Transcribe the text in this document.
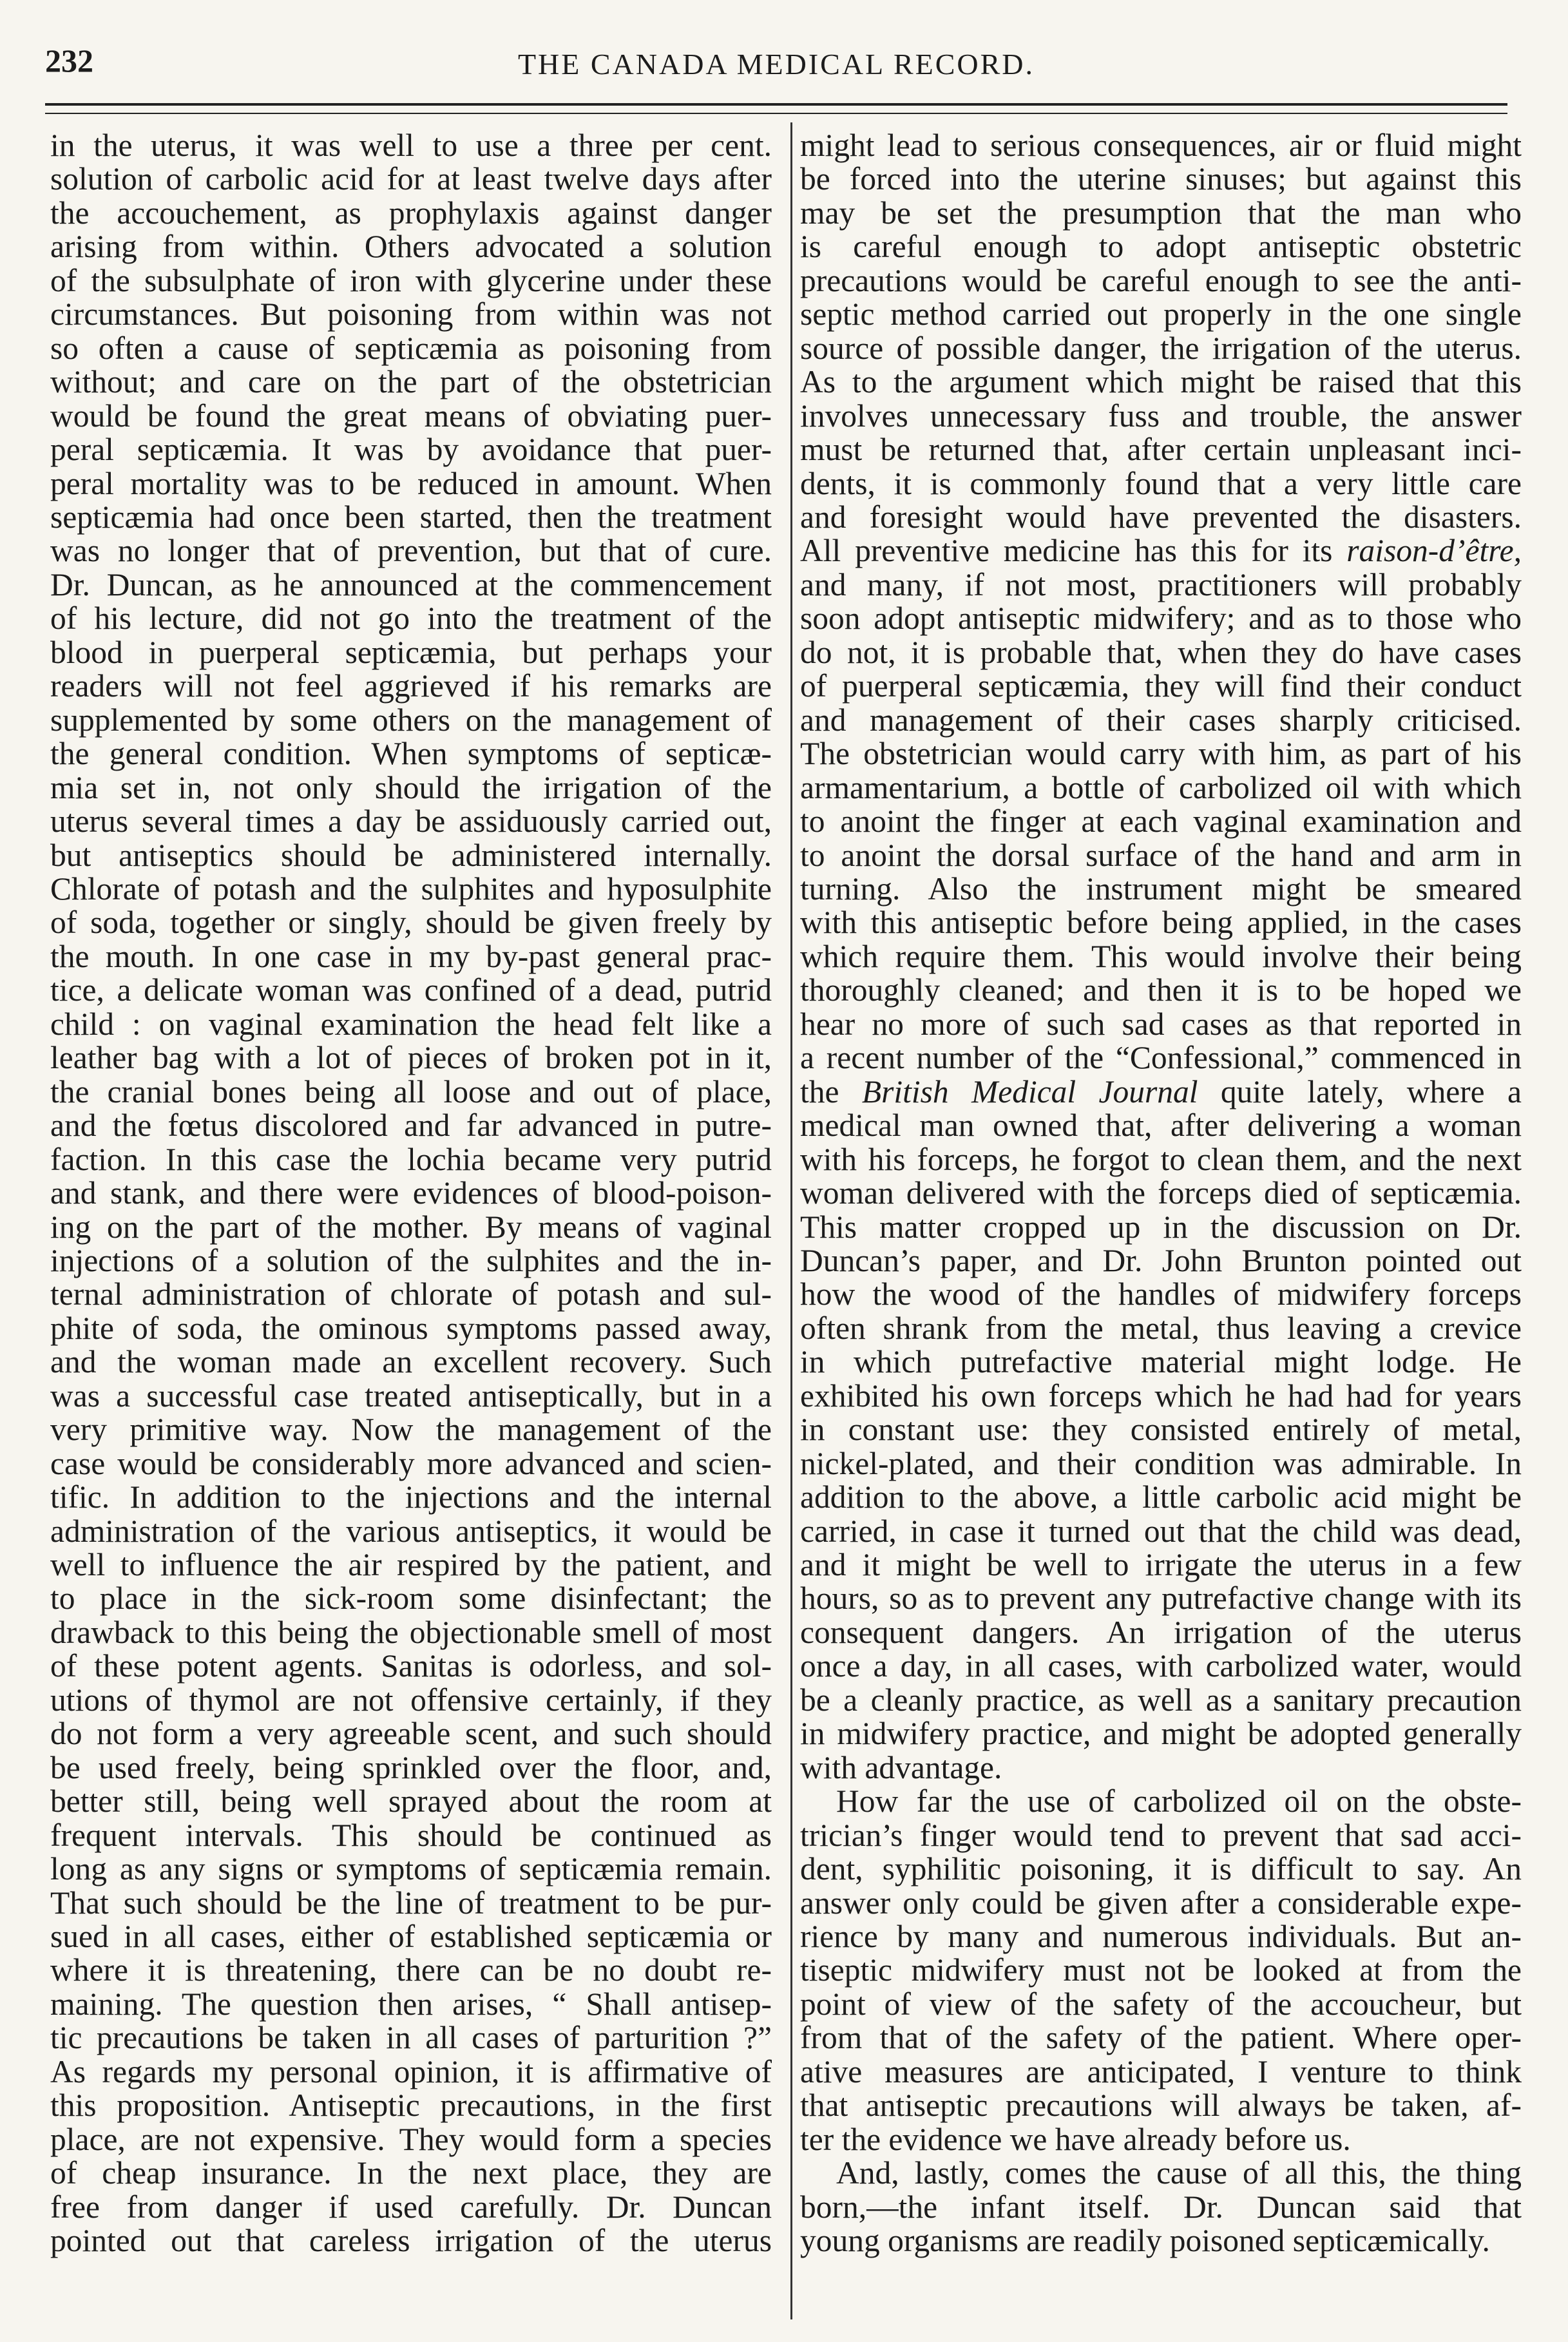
232	THE CANADA MEDICAL RECORD.
in the uterus, it was well to use a three per cent.
solution of carbolic acid for at least twelve days after
the accouchement, as prophylaxis against danger
arising from within. Others advocated a solution
of the subsulphate of iron with glycerine under these
circumstances. But poisoning from within was not
so often a cause of septicæmia as poisoning from
without; and care on the part of the obstetrician
would be found the great means of obviating puer-
peral septicæmia. It was by avoidance that puer-
peral mortality was to be reduced in amount. When
septicæmia had once been started, then the treatment
was no longer that of prevention, but that of cure.
Dr. Duncan, as he announced at the commencement
of his lecture, did not go into the treatment of the
blood in puerperal septicæmia, but perhaps your
readers will not feel aggrieved if his remarks are
supplemented by some others on the management of
the general condition. When symptoms of septicæ-
mia set in, not only should the irrigation of the
uterus several times a day be assiduously carried out,
but antiseptics should be administered internally.
Chlorate of potash and the sulphites and hyposulphite
of soda, together or singly, should be given freely by
the mouth. In one case in my by-past general prac-
tice, a delicate woman was confined of a dead, putrid
child : on vaginal examination the head felt like a
leather bag with a lot of pieces of broken pot in it,
the cranial bones being all loose and out of place,
and the fœtus discolored and far advanced in putre-
faction. In this case the lochia became very putrid
and stank, and there were evidences of blood-poison-
ing on the part of the mother. By means of vaginal
injections of a solution of the sulphites and the in-
ternal administration of chlorate of potash and sul-
phite of soda, the ominous symptoms passed away,
and the woman made an excellent recovery. Such
was a successful case treated antiseptically, but in a
very primitive way. Now the management of the
case would be considerably more advanced and scien-
tific. In addition to the injections and the internal
administration of the various antiseptics, it would be
well to influence the air respired by the patient, and
to place in the sick-room some disinfectant; the
drawback to this being the objectionable smell of most
of these potent agents. Sanitas is odorless, and sol-
utions of thymol are not offensive certainly, if they
do not form a very agreeable scent, and such should
be used freely, being sprinkled over the floor, and,
better still, being well sprayed about the room at
frequent intervals. This should be continued as
long as any signs or symptoms of septicæmia remain.
That such should be the line of treatment to be pur-
sued in all cases, either of established septicæmia or
where it is threatening, there can be no doubt re-
maining. The question then arises, “ Shall antisep-
tic precautions be taken in all cases of parturition ?”
As regards my personal opinion, it is affirmative of
this proposition. Antiseptic precautions, in the first
place, are not expensive. They would form a species
of cheap insurance. In the next place, they are
free from danger if used carefully. Dr. Duncan
pointed out that careless irrigation of the uterus
might lead to serious consequences, air or fluid might
be forced into the uterine sinuses; but against this
may be set the presumption that the man who
is careful enough to adopt antiseptic obstetric
precautions would be careful enough to see the anti-
septic method carried out properly in the one single
source of possible danger, the irrigation of the uterus.
As to the argument which might be raised that this
involves unnecessary fuss and trouble, the answer
must be returned that, after certain unpleasant inci-
dents, it is commonly found that a very little care
and foresight would have prevented the disasters.
All preventive medicine has this for its raison-d’être,
and many, if not most, practitioners will probably
soon adopt antiseptic midwifery; and as to those who
do not, it is probable that, when they do have cases
of puerperal septicæmia, they will find their conduct
and management of their cases sharply criticised.
The obstetrician would carry with him, as part of his
armamentarium, a bottle of carbolized oil with which
to anoint the finger at each vaginal examination and
to anoint the dorsal surface of the hand and arm in
turning. Also the instrument might be smeared
with this antiseptic before being applied, in the cases
which require them. This would involve their being
thoroughly cleaned; and then it is to be hoped we
hear no more of such sad cases as that reported in
a recent number of the “Confessional,” commenced in
the British Medical Journal quite lately, where a
medical man owned that, after delivering a woman
with his forceps, he forgot to clean them, and the next
woman delivered with the forceps died of septicæmia.
This matter cropped up in the discussion on Dr.
Duncan’s paper, and Dr. John Brunton pointed out
how the wood of the handles of midwifery forceps
often shrank from the metal, thus leaving a crevice
in which putrefactive material might lodge. He
exhibited his own forceps which he had had for years
in constant use: they consisted entirely of metal,
nickel-plated, and their condition was admirable. In
addition to the above, a little carbolic acid might be
carried, in case it turned out that the child was dead,
and it might be well to irrigate the uterus in a few
hours, so as to prevent any putrefactive change with its
consequent dangers. An irrigation of the uterus
once a day, in all cases, with carbolized water, would
be a cleanly practice, as well as a sanitary precaution
in midwifery practice, and might be adopted generally
with advantage.
How far the use of carbolized oil on the obste-
trician’s finger would tend to prevent that sad acci-
dent, syphilitic poisoning, it is difficult to say. An
answer only could be given after a considerable expe-
rience by many and numerous individuals. But an-
tiseptic midwifery must not be looked at from the
point of view of the safety of the accoucheur, but
from that of the safety of the patient. Where oper-
ative measures are anticipated, I venture to think
that antiseptic precautions will always be taken, af-
ter the evidence we have already before us.
And, lastly, comes the cause of all this, the thing
born,—the infant itself. Dr. Duncan said that
young organisms are readily poisoned septicæmically.
